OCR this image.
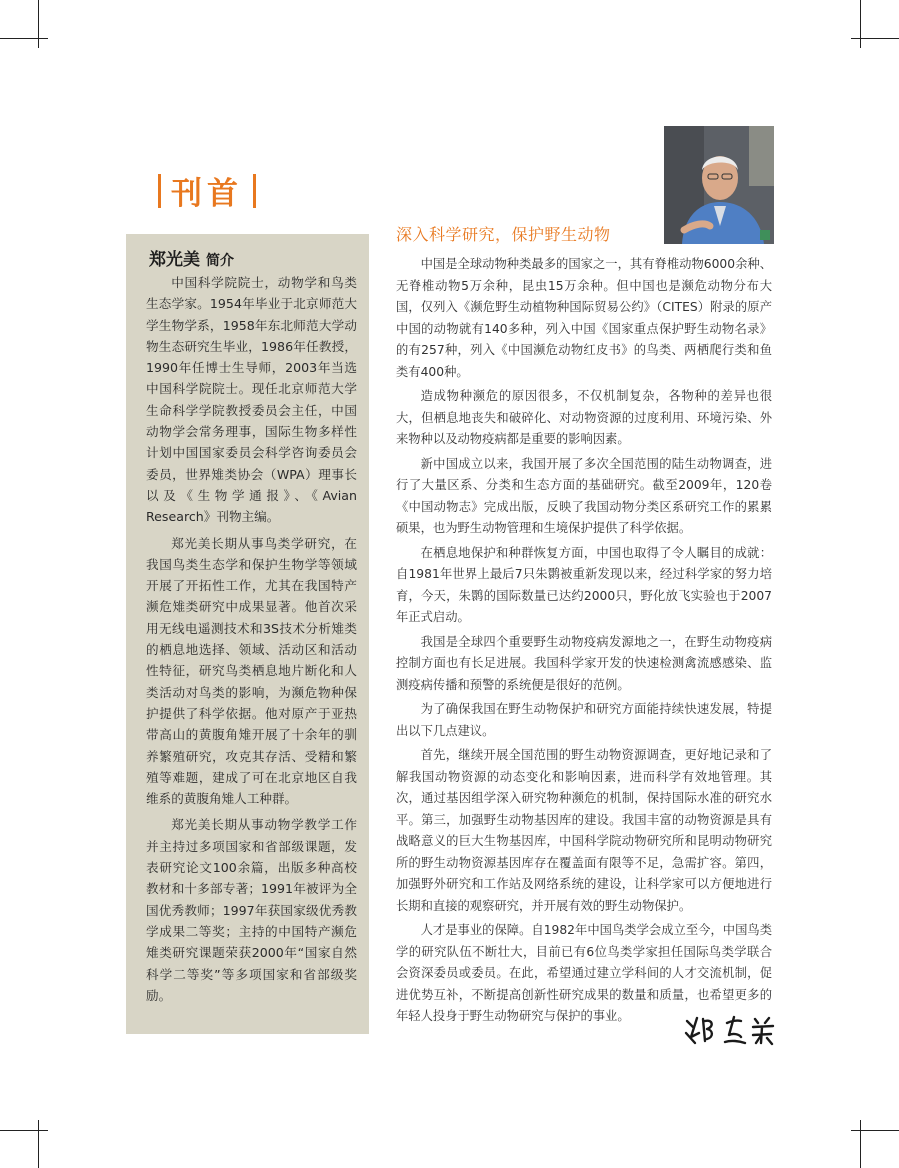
刊首
郑光美 简介

中国科学院院士，动物学和鸟类生态学家。1954年毕业于北京师范大学生物学系，1958年东北师范大学动物生态研究生毕业，1986年任教授，1990年任博士生导师，2003年当选中国科学院院士。现任北京师范大学生命科学学院教授委员会主任，中国动物学会常务理事，国际生物多样性计划中国国家委员会科学咨询委员会委员，世界雉类协会（WPA）理事长以及《生物学通报》、《Avian Research》刊物主编。

郑光美长期从事鸟类学研究，在我国鸟类生态学和保护生物学等领域开展了开拓性工作，尤其在我国特产濒危雉类研究中成果显著。他首次采用无线电遥测技术和3S技术分析雉类的栖息地选择、领域、活动区和活动性特征，研究鸟类栖息地片断化和人类活动对鸟类的影响，为濒危物种保护提供了科学依据。他对原产于亚热带高山的黄腹角雉开展了十余年的驯养繁殖研究，攻克其存活、受精和繁殖等难题，建成了可在北京地区自我维系的黄腹角雉人工种群。

郑光美长期从事动物学教学工作并主持过多项国家和省部级课题，发表研究论文100余篇，出版多种高校教材和十多部专著；1991年被评为全国优秀教师；1997年获国家级优秀教学成果二等奖；主持的中国特产濒危雉类研究课题荣获2000年“国家自然科学二等奖”等多项国家和省部级奖励。

深入科学研究，保护野生动物

中国是全球动物种类最多的国家之一，其有脊椎动物6000余种、无脊椎动物5万余种，昆虫15万余种。但中国也是濒危动物分布大国，仅列入《濒危野生动植物种国际贸易公约》（CITES）附录的原产中国的动物就有140多种，列入中国《国家重点保护野生动物名录》的有257种，列入《中国濒危动物红皮书》的鸟类、两栖爬行类和鱼类有400种。

造成物种濒危的原因很多，不仅机制复杂，各物种的差异也很大，但栖息地丧失和破碎化、对动物资源的过度利用、环境污染、外来物种以及动物疫病都是重要的影响因素。

新中国成立以来，我国开展了多次全国范围的陆生动物调查，进行了大量区系、分类和生态方面的基础研究。截至2009年，120卷《中国动物志》完成出版，反映了我国动物分类区系研究工作的累累硕果，也为野生动物管理和生境保护提供了科学依据。

在栖息地保护和种群恢复方面，中国也取得了令人瞩目的成就：自1981年世界上最后7只朱鹮被重新发现以来，经过科学家的努力培育，今天，朱鹮的国际数量已达约2000只，野化放飞实验也于2007年正式启动。

我国是全球四个重要野生动物疫病发源地之一，在野生动物疫病控制方面也有长足进展。我国科学家开发的快速检测禽流感感染、监测疫病传播和预警的系统便是很好的范例。

为了确保我国在野生动物保护和研究方面能持续快速发展，特提出以下几点建议。

首先，继续开展全国范围的野生动物资源调查，更好地记录和了解我国动物资源的动态变化和影响因素，进而科学有效地管理。其次，通过基因组学深入研究物种濒危的机制，保持国际水准的研究水平。第三，加强野生动物基因库的建设。我国丰富的动物资源是具有战略意义的巨大生物基因库，中国科学院动物研究所和昆明动物研究所的野生动物资源基因库存在覆盖面有限等不足，急需扩容。第四，加强野外研究和工作站及网络系统的建设，让科学家可以方便地进行长期和直接的观察研究，并开展有效的野生动物保护。

人才是事业的保障。自1982年中国鸟类学会成立至今，中国鸟类学的研究队伍不断壮大，目前已有6位鸟类学家担任国际鸟类学联合会资深委员或委员。在此，希望通过建立学科间的人才交流机制，促进优势互补，不断提高创新性研究成果的数量和质量，也希望更多的年轻人投身于野生动物研究与保护的事业。
